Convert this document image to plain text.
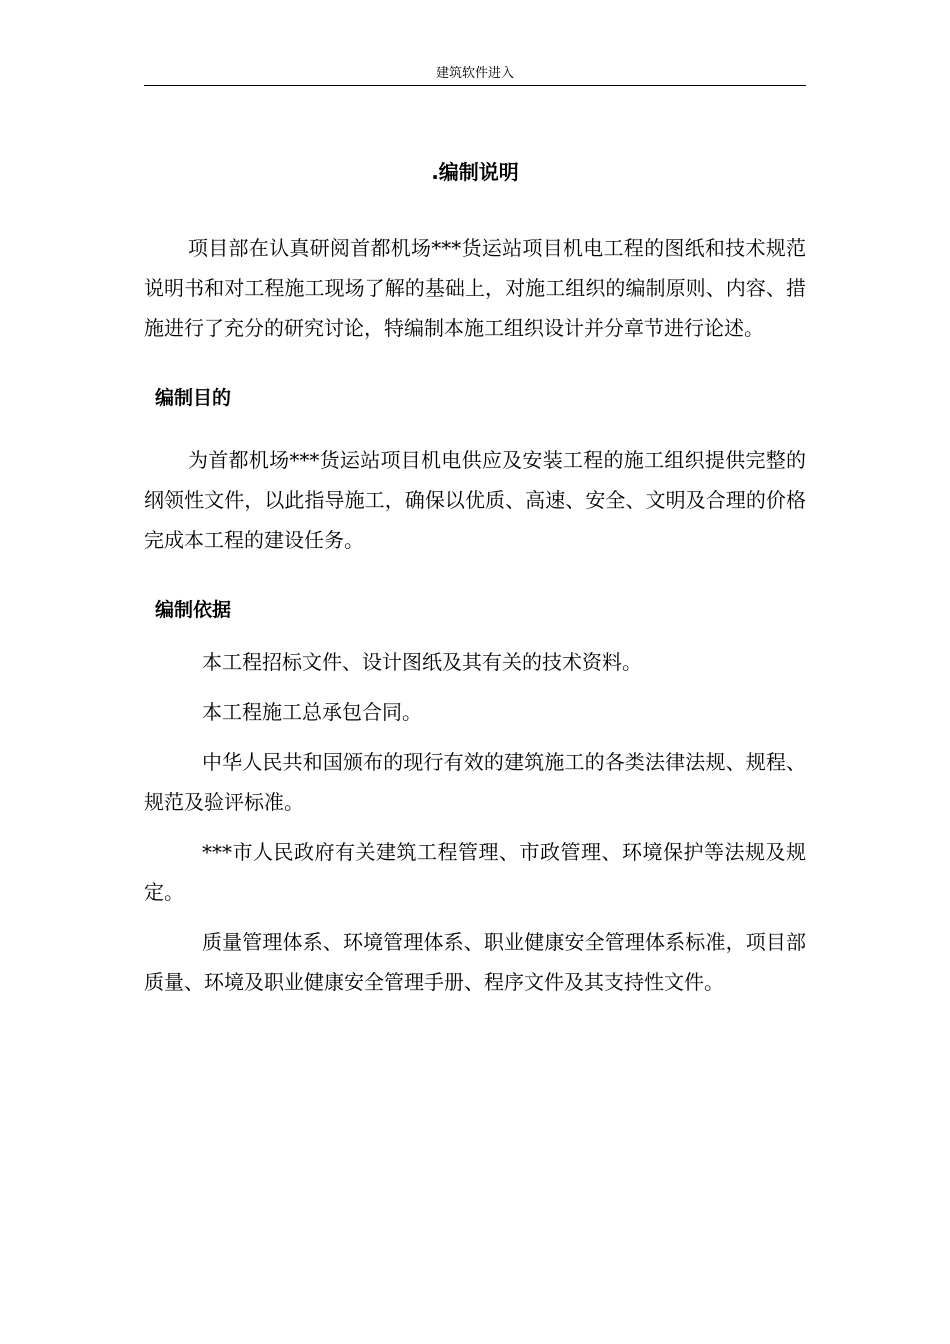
建筑软件进入
.编制说明

项目部在认真研阅首都机场***货运站项目机电工程的图纸和技术规范说明书和对工程施工现场了解的基础上，对施工组织的编制原则、内容、措施进行了充分的研究讨论，特编制本施工组织设计并分章节进行论述。

编制目的

为首都机场***货运站项目机电供应及安装工程的施工组织提供完整的纲领性文件，以此指导施工，确保以优质、高速、安全、文明及合理的价格完成本工程的建设任务。

编制依据

本工程招标文件、设计图纸及其有关的技术资料。

本工程施工总承包合同。

中华人民共和国颁布的现行有效的建筑施工的各类法律法规、规程、规范及验评标准。

***市人民政府有关建筑工程管理、市政管理、环境保护等法规及规定。

质量管理体系、环境管理体系、职业健康安全管理体系标准，项目部质量、环境及职业健康安全管理手册、程序文件及其支持性文件。
